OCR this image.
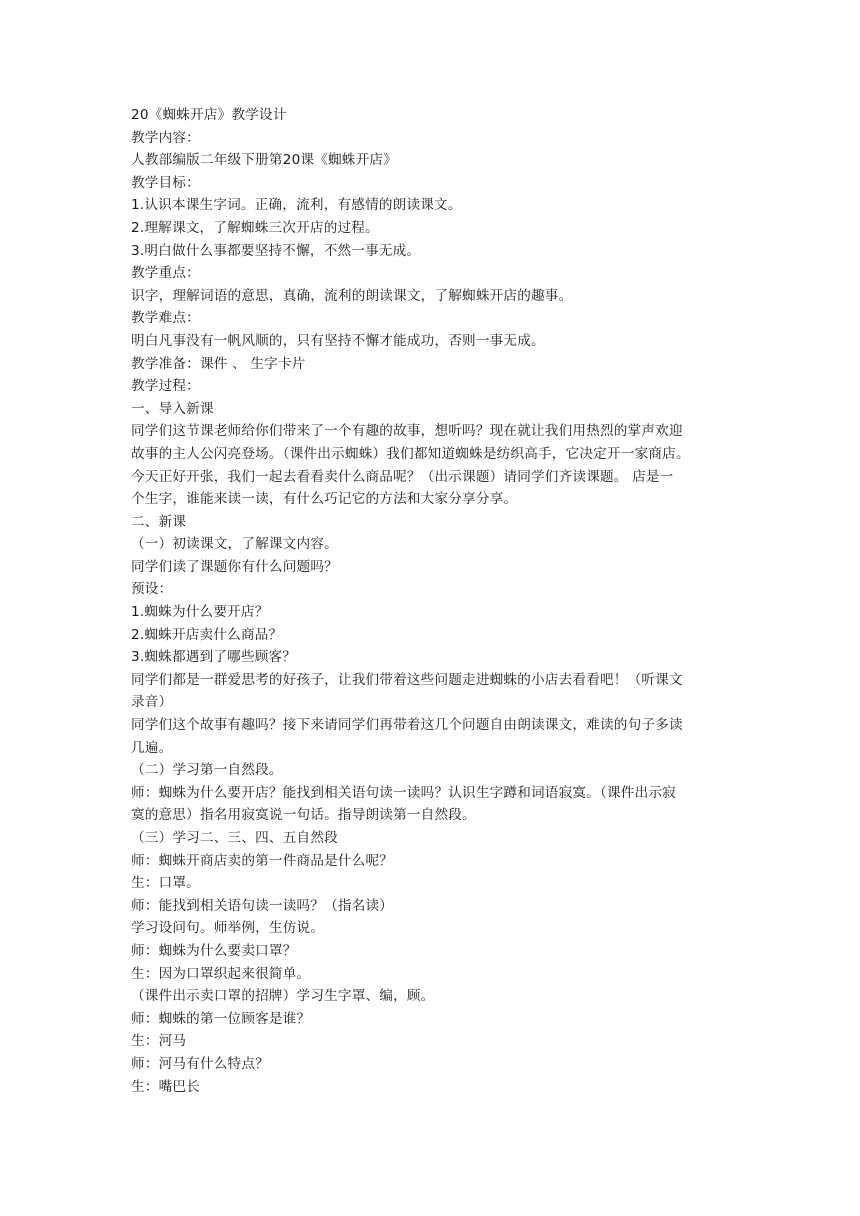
20《蜘蛛开店》教学设计
教学内容：
人教部编版二年级下册第20课《蜘蛛开店》
教学目标：
1.认识本课生字词。正确，流利，有感情的朗读课文。
2.理解课文，了解蜘蛛三次开店的过程。
3.明白做什么事都要坚持不懈，不然一事无成。
教学重点：
识字，理解词语的意思，真确，流利的朗读课文，了解蜘蛛开店的趣事。
教学难点：
明白凡事没有一帆风顺的，只有坚持不懈才能成功，否则一事无成。
教学准备：课件 、 生字卡片
教学过程：
一、导入新课
同学们这节课老师给你们带来了一个有趣的故事，想听吗？现在就让我们用热烈的掌声欢迎
故事的主人公闪亮登场。（课件出示蜘蛛）我们都知道蜘蛛是纺织高手，它决定开一家商店。
今天正好开张，我们一起去看看卖什么商品呢？（出示课题）请同学们齐读课题。 店是一
个生字，谁能来读一读，有什么巧记它的方法和大家分享分享。
二、新课
（一）初读课文，了解课文内容。
同学们读了课题你有什么问题吗？
预设：
1.蜘蛛为什么要开店？
2.蜘蛛开店卖什么商品？
3.蜘蛛都遇到了哪些顾客？
同学们都是一群爱思考的好孩子，让我们带着这些问题走进蜘蛛的小店去看看吧！（听课文
录音）
同学们这个故事有趣吗？接下来请同学们再带着这几个问题自由朗读课文，难读的句子多读
几遍。
（二）学习第一自然段。
师：蜘蛛为什么要开店？能找到相关语句读一读吗？认识生字蹲和词语寂寞。（课件出示寂
寞的意思）指名用寂寞说一句话。指导朗读第一自然段。
（三）学习二、三、四、五自然段
师：蜘蛛开商店卖的第一件商品是什么呢？
生：口罩。
师：能找到相关语句读一读吗？（指名读）
学习设问句。师举例，生仿说。
师：蜘蛛为什么要卖口罩？
生：因为口罩织起来很简单。
（课件出示卖口罩的招牌）学习生字罩、编，顾。
师：蜘蛛的第一位顾客是谁？
生：河马
师：河马有什么特点？
生：嘴巴长
